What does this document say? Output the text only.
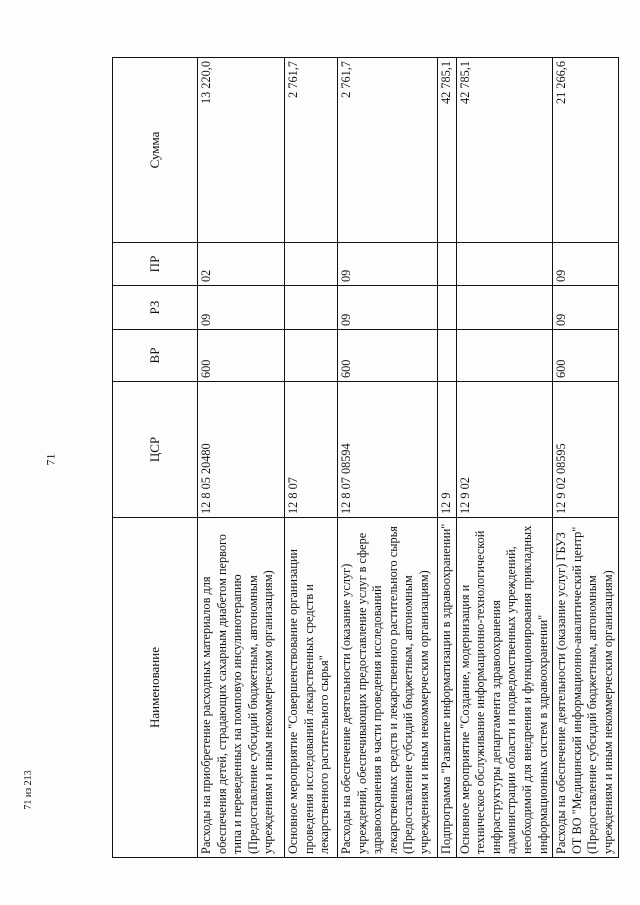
71
71 из 213
Наименование	ЦСР	ВР	РЗ	ПР	Сумма
Расходы на приобретение расходных материалов для обеспечения детей, страдающих сахарным диабетом первого типа и переведенных на помповую инсулинотерапию (Предоставление субсидий бюджетным, автономным учреждениям и иным некоммерческим организациям)	12 8 05 20480	600	09	02	13 220,0
Основное мероприятие "Совершенствование организации проведения исследований лекарственных средств и лекарственного растительного сырья"	12 8 07				2 761,7
Расходы на обеспечение деятельности (оказание услуг) учреждений, обеспечивающих предоставление услуг в сфере здравоохранения в части проведения исследований лекарственных средств и лекарственного растительного сырья (Предоставление субсидий бюджетным, автономным учреждениям и иным некоммерческим организациям)	12 8 07 08594	600	09	09	2 761,7
Подпрограмма "Развитие информатизации в здравоохранении"	12 9				42 785,1
Основное мероприятие "Создание, модернизация и техническое обслуживание информационно-технологической инфраструктуры департамента здравоохранения администрации области и подведомственных учреждений, необходимой для внедрения и функционирования прикладных информационных систем в здравоохранении"	12 9 02				42 785,1
Расходы на обеспечение деятельности (оказание услуг) ГБУЗ ОТ ВО "Медицинский информационно-аналитический центр" (Предоставление субсидий бюджетным, автономным учреждениям и иным некоммерческим организациям)	12 9 02 08595	600	09	09	21 266,6
